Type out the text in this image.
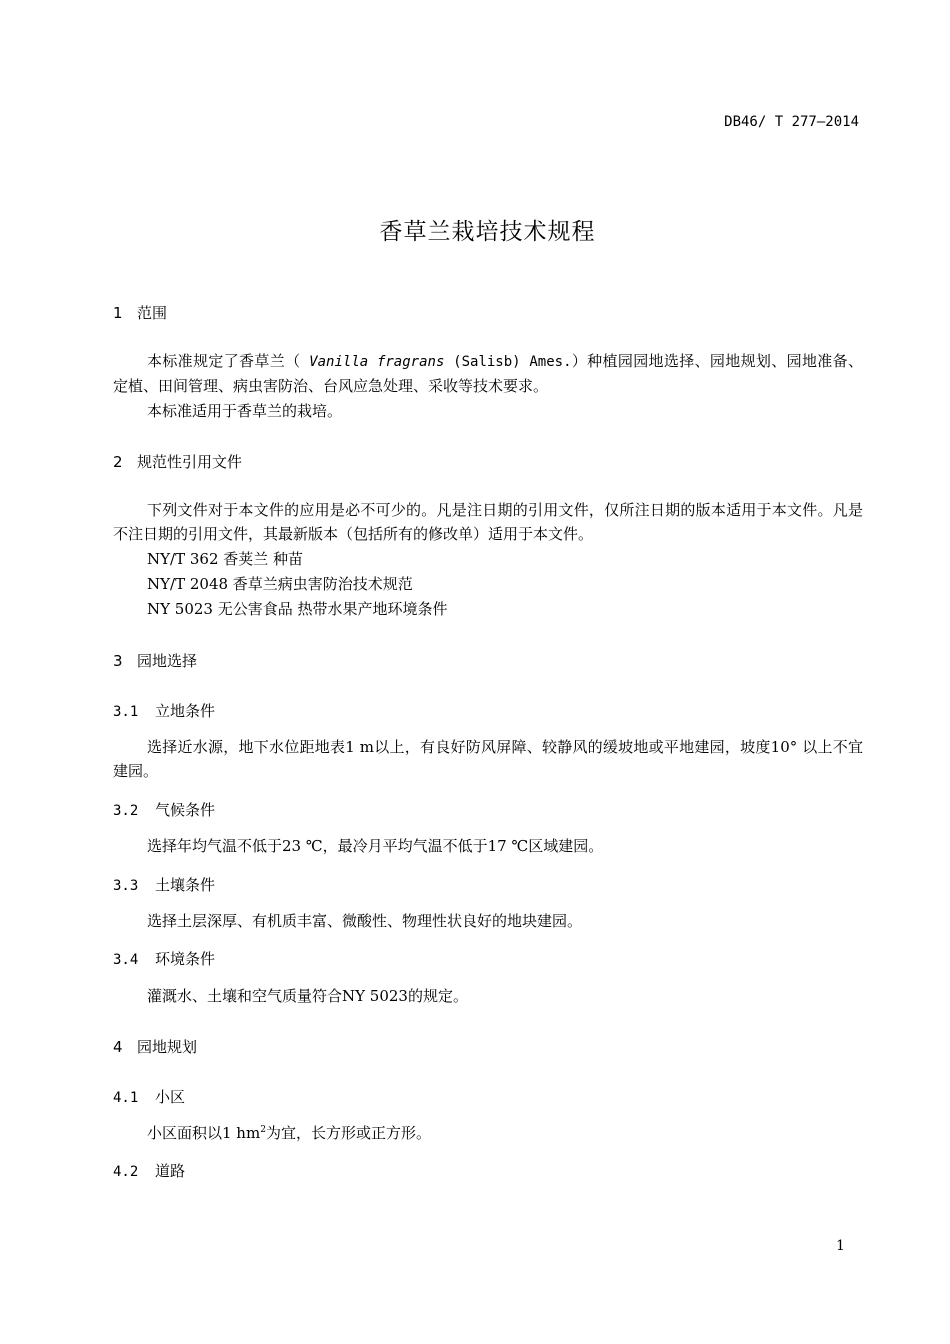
DB46/ T 277—2014
香草兰栽培技术规程
1 范围
本标准规定了香草兰（ Vanilla fragrans (Salisb) Ames.）种植园园地选择、园地规划、园地准备、定植、田间管理、病虫害防治、台风应急处理、采收等技术要求。
本标准适用于香草兰的栽培。
2 规范性引用文件
下列文件对于本文件的应用是必不可少的。凡是注日期的引用文件，仅所注日期的版本适用于本文件。凡是不注日期的引用文件，其最新版本（包括所有的修改单）适用于本文件。
NY/T 362 香荚兰 种苗
NY/T 2048 香草兰病虫害防治技术规范
NY 5023 无公害食品 热带水果产地环境条件
3 园地选择
3.1 立地条件
选择近水源，地下水位距地表1 m以上，有良好防风屏障、较静风的缓坡地或平地建园，坡度10° 以上不宜建园。
3.2 气候条件
选择年均气温不低于23 ℃，最冷月平均气温不低于17 ℃区域建园。
3.3 土壤条件
选择土层深厚、有机质丰富、微酸性、物理性状良好的地块建园。
3.4 环境条件
灌溉水、土壤和空气质量符合NY 5023的规定。
4 园地规划
4.1 小区
小区面积以1 $hm^2$为宜，长方形或正方形。
4.2 道路
1
